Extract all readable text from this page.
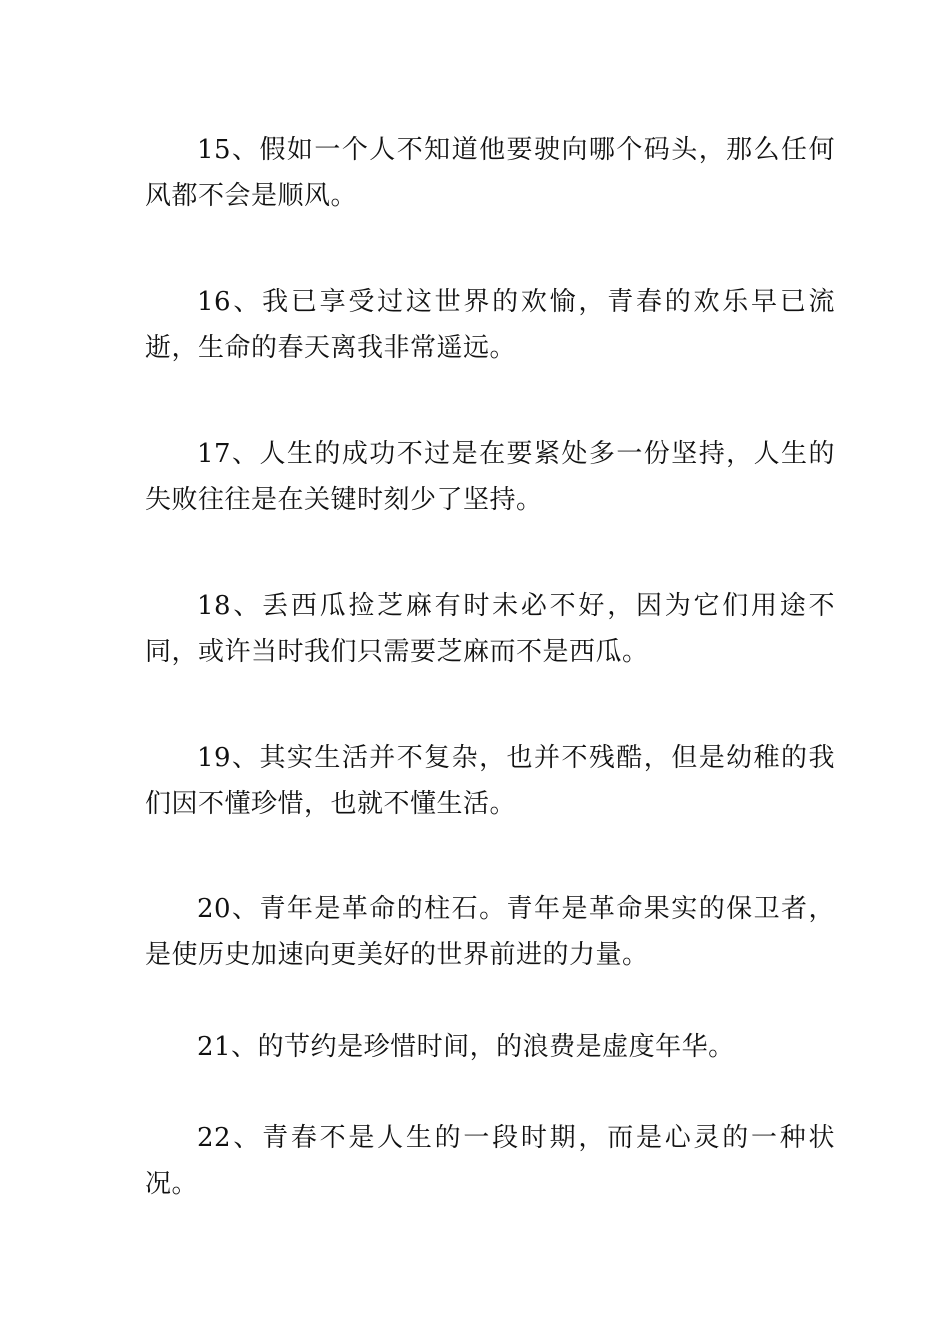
15、假如一个人不知道他要驶向哪个码头，那么任何风都不会是顺风。

16、我已享受过这世界的欢愉，青春的欢乐早已流逝，生命的春天离我非常遥远。

17、人生的成功不过是在要紧处多一份坚持，人生的失败往往是在关键时刻少了坚持。

18、丢西瓜捡芝麻有时未必不好，因为它们用途不同，或许当时我们只需要芝麻而不是西瓜。

19、其实生活并不复杂，也并不残酷，但是幼稚的我们因不懂珍惜，也就不懂生活。

20、青年是革命的柱石。青年是革命果实的保卫者，是使历史加速向更美好的世界前进的力量。

21、的节约是珍惜时间，的浪费是虚度年华。

22、青春不是人生的一段时期，而是心灵的一种状况。
